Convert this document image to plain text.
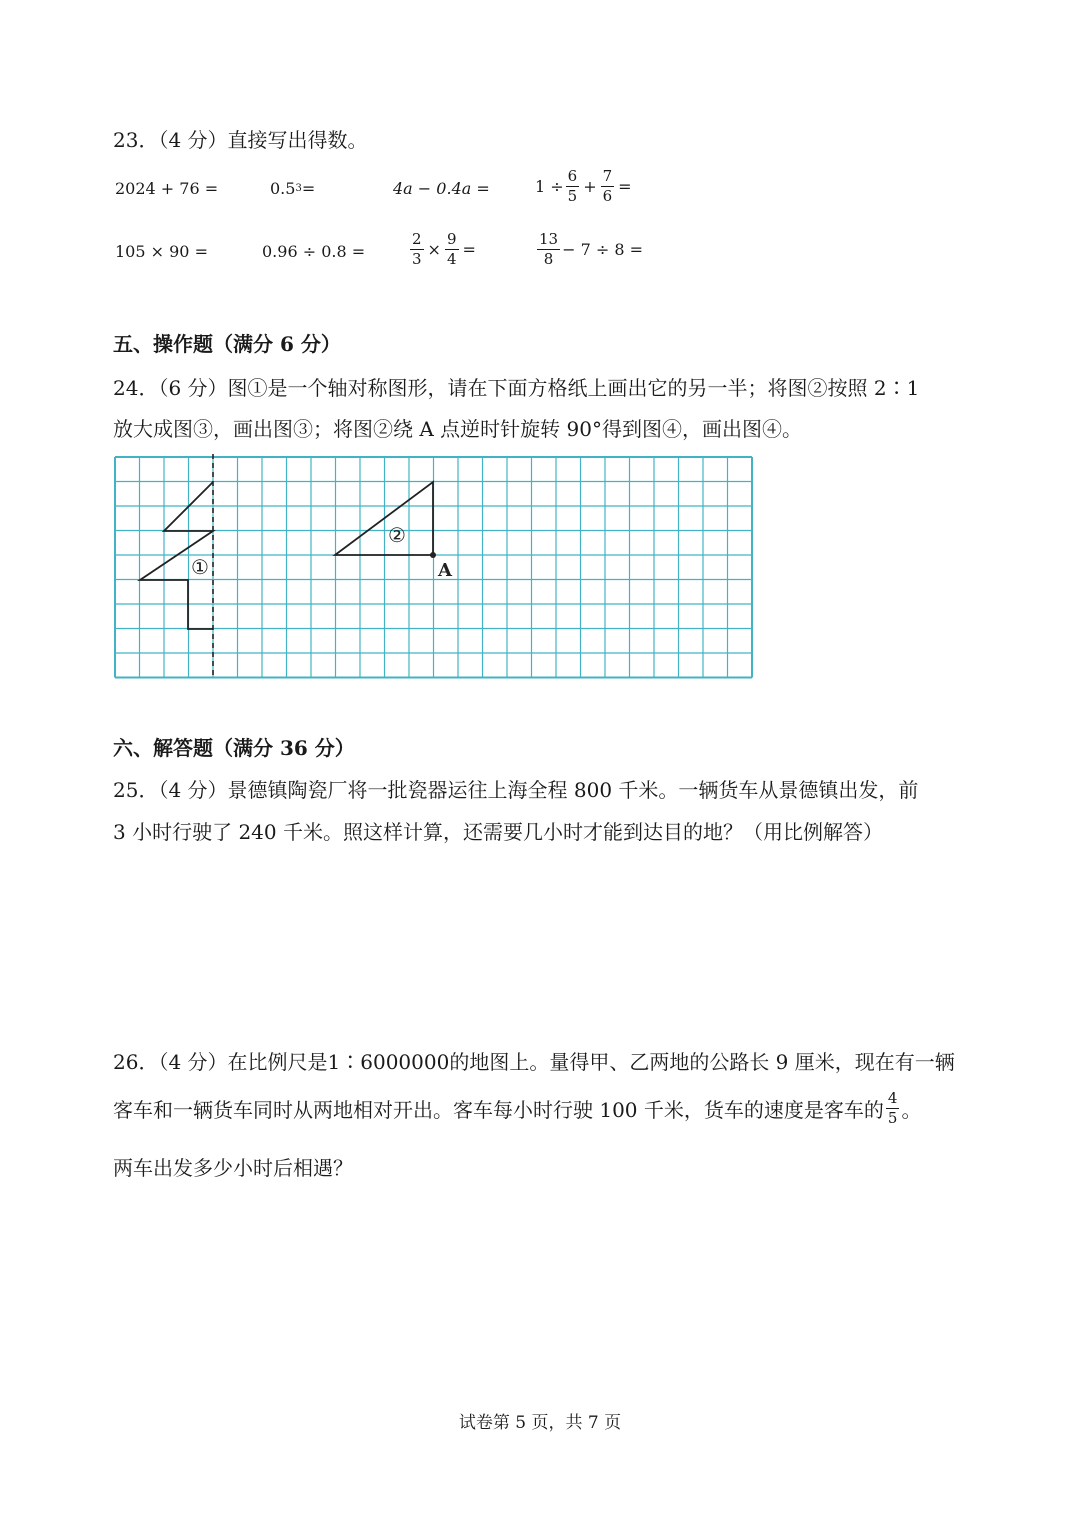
23．（4 分）直接写出得数。
2024 + 76 =	0.5 3 =	4a − 0.4a =	$1 \div \frac{6}{5} + \frac{7}{6}$ =
105 × 90 =	0.96 ÷ 0.8 =	$\frac{2}{3} \times \frac{9}{4}$ =	$\frac{13}{8} - 7 \div 8$ =
五、操作题（满分 6 分）
24．（6 分）图①是一个轴对称图形，请在下面方格纸上画出它的另一半；将图②按照 2∶1
放大成图③，画出图③；将图②绕 A 点逆时针旋转 90°得到图④，画出图④。
①
②
A
六、解答题（满分 36 分）
25．（4 分）景德镇陶瓷厂将一批瓷器运往上海全程 800 千米。一辆货车从景德镇出发，前
3 小时行驶了 240 千米。照这样计算，还需要几小时才能到达目的地？（用比例解答）
26．（4 分）在比例尺是1∶6000000的地图上。量得甲、乙两地的公路长 9 厘米，现在有一辆
客车和一辆货车同时从两地相对开出。客车每小时行驶 100 千米，货车的速度是客车的 $\frac{4}{5}$ 。
两车出发多少小时后相遇？
试卷第 5 页，共 7 页
